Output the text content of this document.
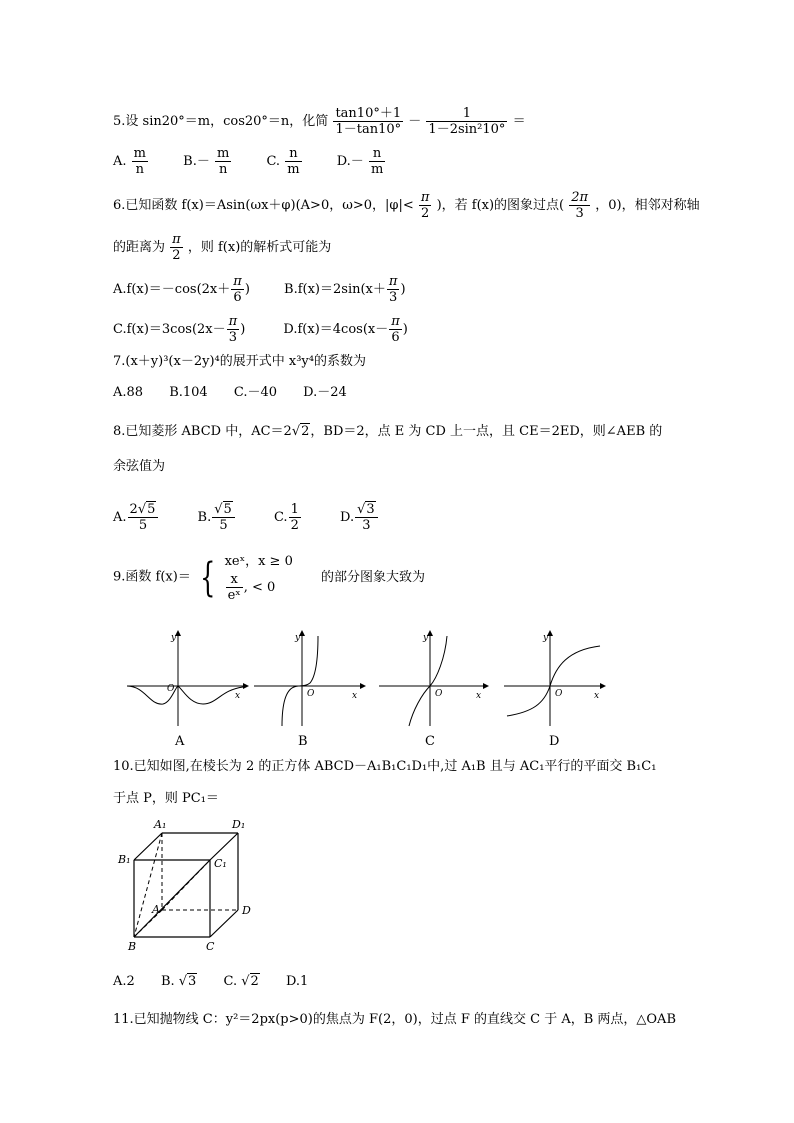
5.设 sin20°＝m，cos20°＝n，化简 $\frac{\tan 10^\circ+1}{1-\tan 10^\circ} - \frac{1}{\text{1－2sin²10°}}$ ＝
A. $\frac{m}{n}$	$B.- \frac{m}{n}$	C. $\frac{n}{m}$	$D.- \frac{n}{m}$
6.已知函数 f(x)＝Asin(ωx＋φ)(A>0，ω>0，$|\varphi|< \frac{\pi}{2}$ )，若 f(x)的图象过点( $\frac{2\pi}{3}$ ，0)，相邻对称轴
的距离为 $\frac{\pi}{2}$ ，则 f(x)的解析式可能为
$A.f(x)=-\cos(2x+ \frac{\pi}{6}$ )	$B.f(x)=2\sin(x+ \frac{\pi}{3}$ )
$C.f(x)=3\cos(2x- \frac{\pi}{3}$ )	$D.f(x)=4\cos(x- \frac{\pi}{6}$ )
7.(x＋y)³(x－2y)⁴的展开式中 x³y⁴的系数为
A.88 B.104 C.－40 D.－24
8.已知菱形 ABCD 中，AC＝2√2，BD＝2，点 E 为 CD 上一点，且 CE＝2ED，则∠AEB 的
余弦值为
A. $\frac{2√5}{5}$	B. $\frac{√5}{5}$	C. $\frac{1}{2}$	D. $\frac{√3}{3}$
9.函数 f(x)＝ { xeˣ，x ≥ 0
$\frac{x}{\text{eˣ}}$ , < 0
的部分图象大致为
y
x
O
y
x
O
y
x
O
y
x
O
A	B	C	D
10.已知如图,在棱长为 2 的正方体 ABCD－A₁B₁C₁D₁中,过 A₁B 且与 AC₁平行的平面交 B₁C₁
于点 P，则 PC₁＝
A₁	D₁
B₁	C₁
A	D
B	C
A.2 B. √3 C. √2 D.1
11.已知抛物线 C：y²＝2px(p>0)的焦点为 F(2，0)，过点 F 的直线交 C 于 A，B 两点，△OAB
